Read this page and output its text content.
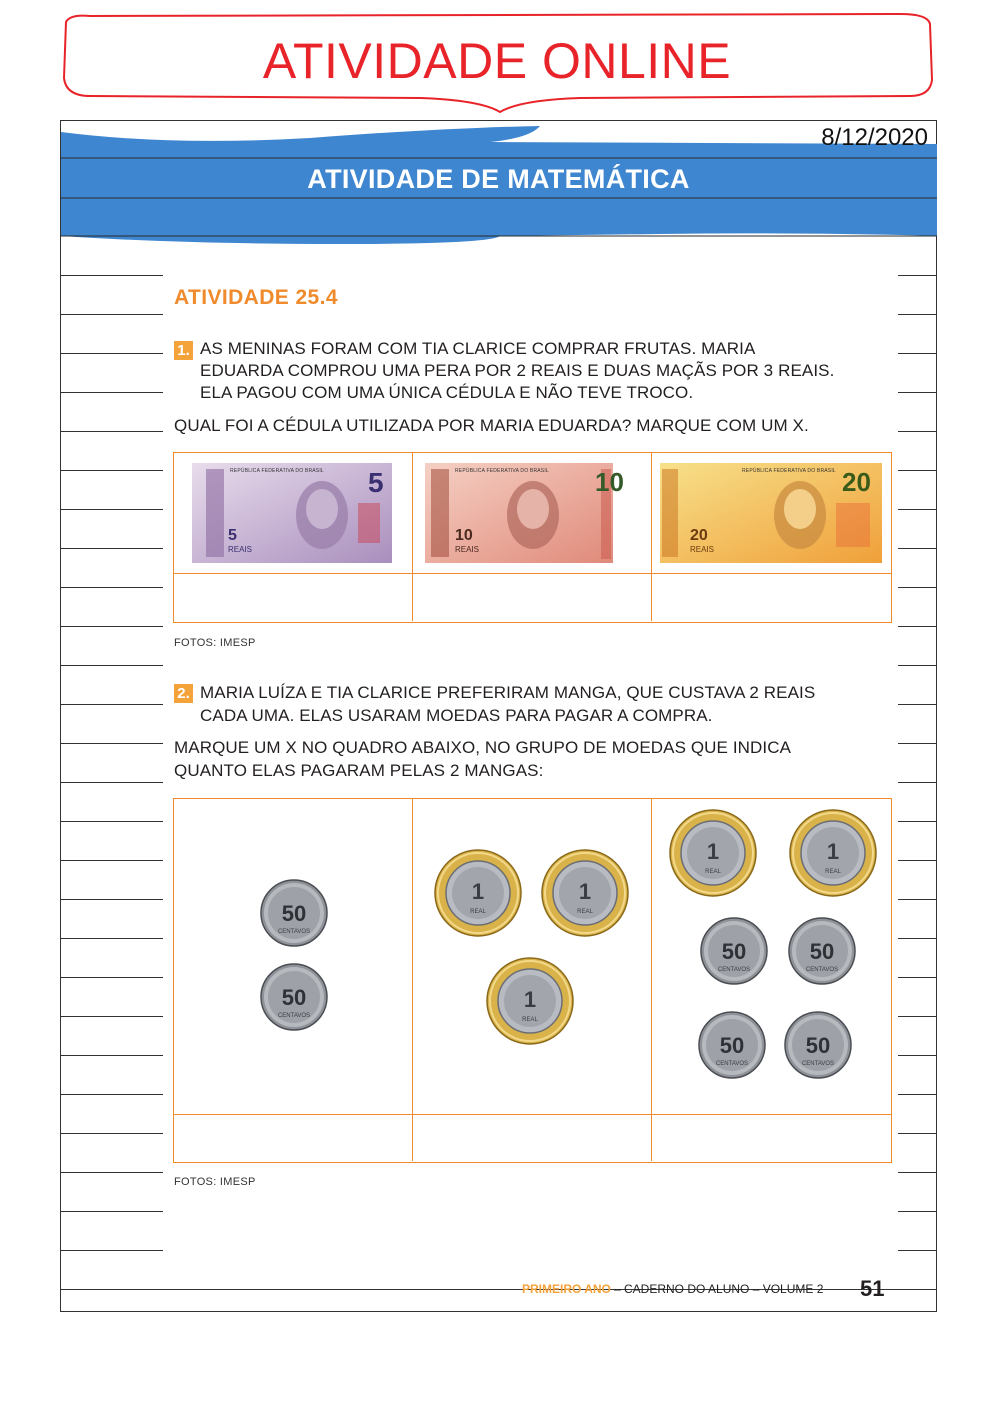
ATIVIDADE ONLINE
8/12/2020
ATIVIDADE DE MATEMÁTICA
ATIVIDADE 25.4
1. AS MENINAS FORAM COM TIA CLARICE COMPRAR FRUTAS. MARIA
EDUARDA COMPROU UMA PERA POR 2 REAIS E DUAS MAÇÃS POR 3 REAIS.
ELA PAGOU COM UMA ÚNICA CÉDULA E NÃO TEVE TROCO.
QUAL FOI A CÉDULA UTILIZADA POR MARIA EDUARDA? MARQUE COM UM X.
5
5
REAIS
REPÚBLICA FEDERATIVA DO BRASIL	10
10
REAIS
REPÚBLICA FEDERATIVA DO BRASIL	20
20
REAIS
REPÚBLICA FEDERATIVA DO BRASIL
FOTOS: IMESP
2. MARIA LUÍZA E TIA CLARICE PREFERIRAM MANGA, QUE CUSTAVA 2 REAIS
CADA UMA. ELAS USARAM MOEDAS PARA PAGAR A COMPRA.
MARQUE UM X NO QUADRO ABAIXO, NO GRUPO DE MOEDAS QUE INDICA
QUANTO ELAS PAGARAM PELAS 2 MANGAS:
50
CENTAVOS
50
CENTAVOS
1
REAL
1
REAL
1
REAL
1
REAL
1
REAL
50
CENTAVOS
50
CENTAVOS
50
CENTAVOS
50
CENTAVOS
FOTOS: IMESP
PRIMEIRO ANO – CADERNO DO ALUNO – VOLUME 2 51
